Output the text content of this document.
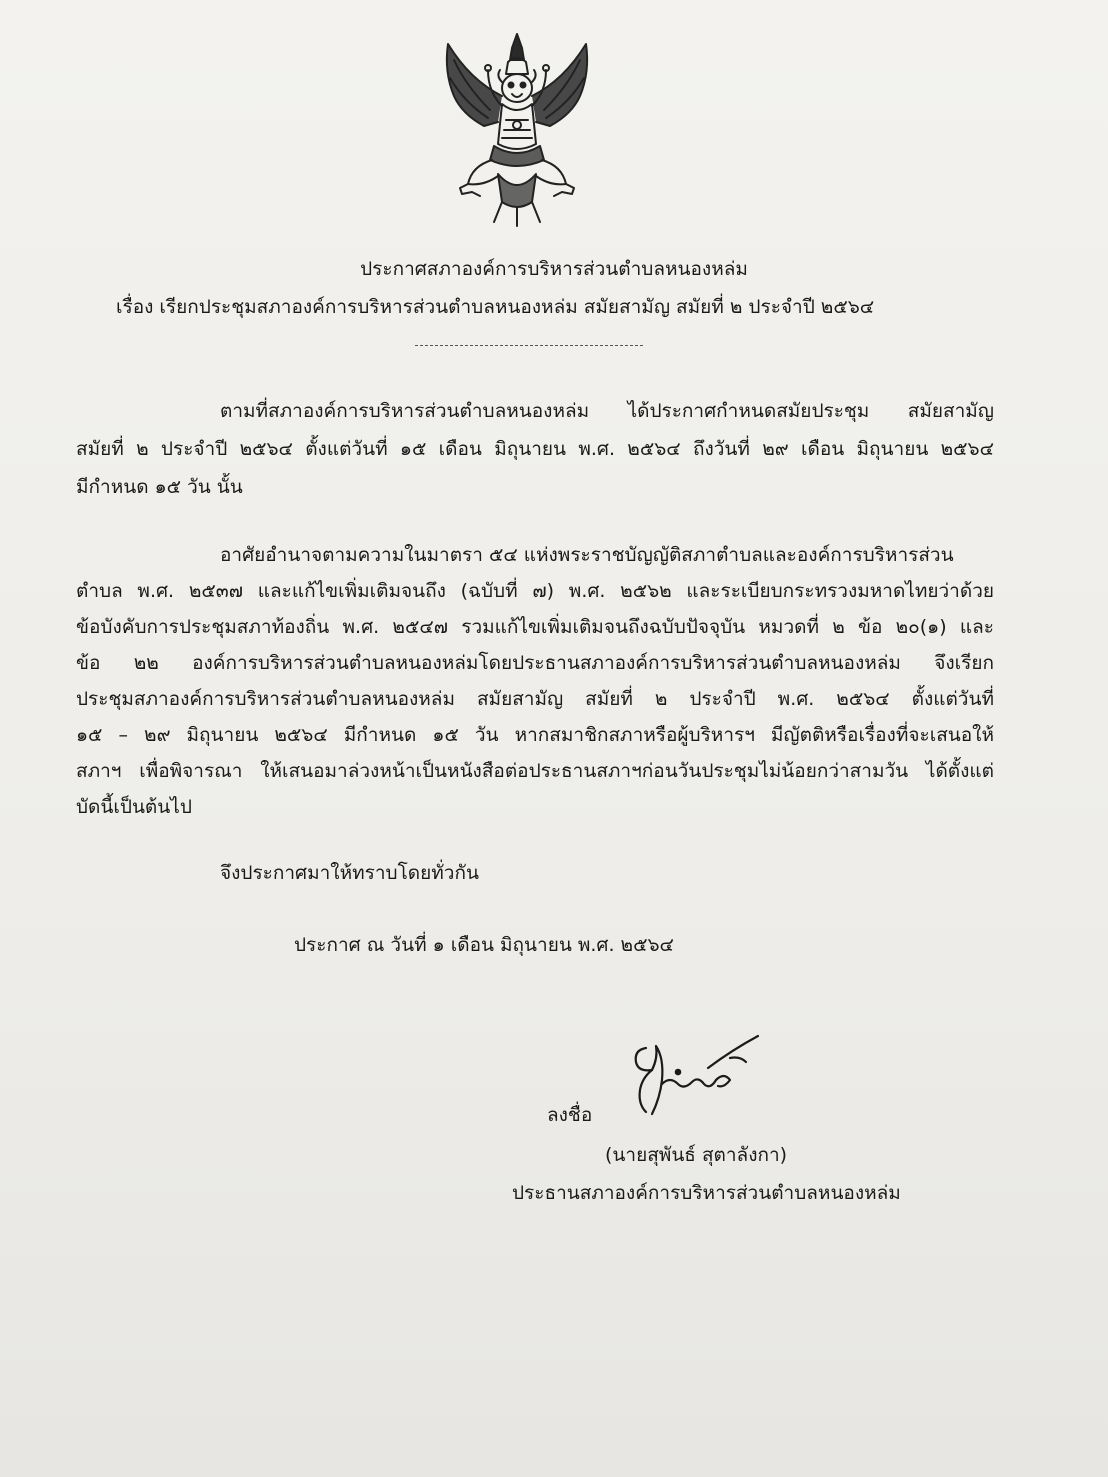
ประกาศสภาองค์การบริหารส่วนตำบลหนองหล่ม
เรื่อง เรียกประชุมสภาองค์การบริหารส่วนตำบลหนองหล่ม สมัยสามัญ สมัยที่ ๒ ประจำปี ๒๕๖๔
ตามที่สภาองค์การบริหารส่วนตำบลหนองหล่ม ได้ประกาศกำหนดสมัยประชุม สมัยสามัญ
สมัยที่ ๒ ประจำปี ๒๕๖๔ ตั้งแต่วันที่ ๑๕ เดือน มิถุนายน พ.ศ. ๒๕๖๔ ถึงวันที่ ๒๙ เดือน มิถุนายน ๒๕๖๔
มีกำหนด ๑๕ วัน นั้น
อาศัยอำนาจตามความในมาตรา ๕๔ แห่งพระราชบัญญัติสภาตำบลและองค์การบริหารส่วน
ตำบล พ.ศ. ๒๕๓๗ และแก้ไขเพิ่มเติมจนถึง (ฉบับที่ ๗) พ.ศ. ๒๕๖๒ และระเบียบกระทรวงมหาดไทยว่าด้วย
ข้อบังคับการประชุมสภาท้องถิ่น พ.ศ. ๒๕๔๗ รวมแก้ไขเพิ่มเติมจนถึงฉบับปัจจุบัน หมวดที่ ๒ ข้อ ๒๐(๑) และ
ข้อ ๒๒ องค์การบริหารส่วนตำบลหนองหล่มโดยประธานสภาองค์การบริหารส่วนตำบลหนองหล่ม จึงเรียก
ประชุมสภาองค์การบริหารส่วนตำบลหนองหล่ม สมัยสามัญ สมัยที่ ๒ ประจำปี พ.ศ. ๒๕๖๔ ตั้งแต่วันที่
๑๕ – ๒๙ มิถุนายน ๒๕๖๔ มีกำหนด ๑๕ วัน หากสมาชิกสภาหรือผู้บริหารฯ มีญัตติหรือเรื่องที่จะเสนอให้
สภาฯ เพื่อพิจารณา ให้เสนอมาล่วงหน้าเป็นหนังสือต่อประธานสภาฯก่อนวันประชุมไม่น้อยกว่าสามวัน ได้ตั้งแต่
บัดนี้เป็นต้นไป
จึงประกาศมาให้ทราบโดยทั่วกัน
ประกาศ ณ วันที่ ๑ เดือน มิถุนายน พ.ศ. ๒๕๖๔
ลงชื่อ
(นายสุพันธ์ สุตาลังกา)
ประธานสภาองค์การบริหารส่วนตำบลหนองหล่ม
